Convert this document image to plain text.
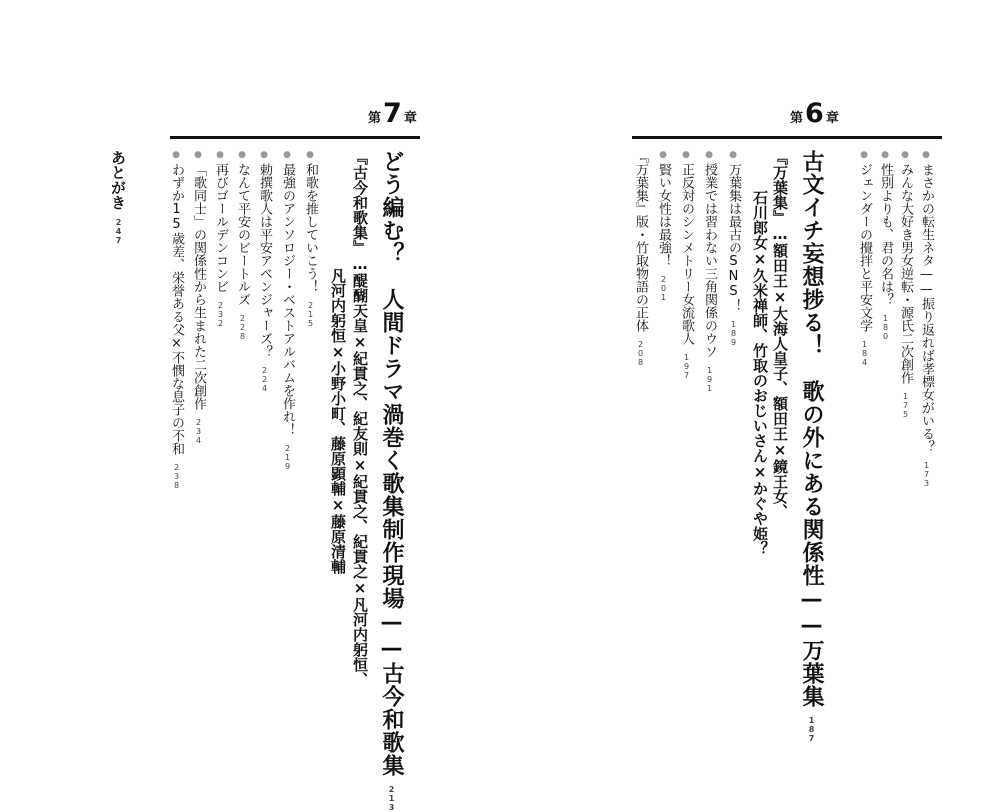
第 6 章
● まさかの転生ネタ——振り返れば孝標女がいる？173
● みんな大好き男女逆転・源氏二次創作175
● 性別よりも、君の名は？180
● ジェンダーの攪拌と平安文学184
古文イチ妄想捗る！　歌の外にある関係性——万葉集187
『万葉集』…額田王×大海人皇子、額田王×鏡王女、
石川郎女×久米禅師、竹取のおじいさん×かぐや姫？
● 万葉集は最古のSNS！189
● 授業では習わない三角関係のウソ191
● 正反対のシンメトリー女流歌人197
● 賢い女性は最強！201
『万葉集』版・竹取物語の正体208
第 7 章
どう編む？　人間ドラマ渦巻く歌集制作現場——古今和歌集213
『古今和歌集』…醍醐天皇×紀貫之、紀友則×紀貫之、紀貫之×凡河内躬恒、
凡河内躬恒×小野小町、藤原顕輔×藤原清輔
● 和歌を推していこう！215
● 最強のアンソロジー・ベストアルバムを作れ！219
● 勅撰歌人は平安アベンジャーズ？224
● なんて平安のビートルズ228
● 再びゴールデンコンビ232
● 「歌同士」の関係性から生まれた二次創作234
● わずか15歳差、栄誉ある父×不憫な息子の不和238
あとがき247
